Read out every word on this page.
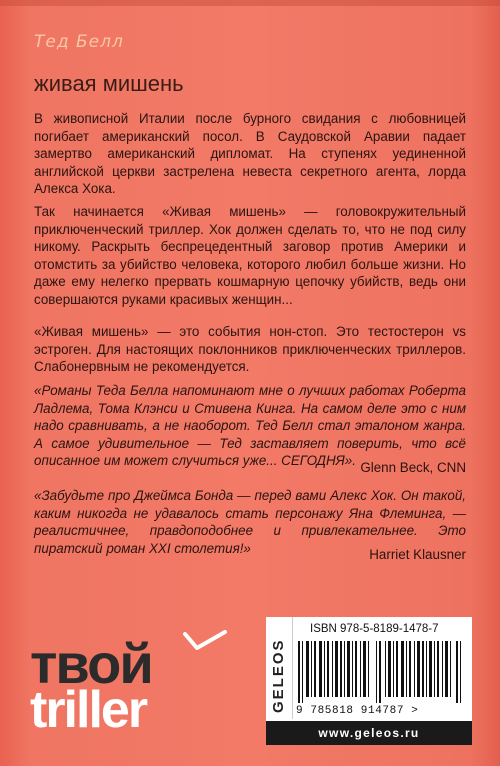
Тед Белл
живая мишень

В живописной Италии после бурного свидания с любовницей погибает американский посол. В Саудовской Аравии падает замертво американский дипломат. На ступенях уединенной английской церкви застрелена невеста секретного агента, лорда Алекса Хока.

Так начинается «Живая мишень» — головокружительный приключенческий триллер. Хок должен сделать то, что не под силу никому. Раскрыть беспрецедентный заговор против Америки и отомстить за убийство человека, которого любил больше жизни. Но даже ему нелегко прервать кошмарную цепочку убийств, ведь они совершаются руками красивых женщин...

«Живая мишень» — это события нон-стоп. Это тестостерон vs эстроген. Для настоящих поклонников приключенческих триллеров. Слабонервным не рекомендуется.

«Романы Теда Белла напоминают мне о лучших работах Роберта Ладлема, Тома Клэнси и Стивена Кинга. На самом деле это с ним надо сравнивать, а не наоборот. Тед Белл стал эталоном жанра. А самое удивительное — Тед заставляет поверить, что всё описанное им может случиться уже... СЕГОДНЯ». Glenn Beck, CNN

«Забудьте про Джеймса Бонда — перед вами Алекс Хок. Он такой, каким никогда не удавалось стать персонажу Яна Флеминга, — реалистичнее, правдоподобнее и привлекательнее. Это пиратский роман XXI столетия!»	Harriet Klausner
твой
triller	GELEOS
ISBN 978-5-8189-1478-7
9 785818 914787 >
www.geleos.ru
